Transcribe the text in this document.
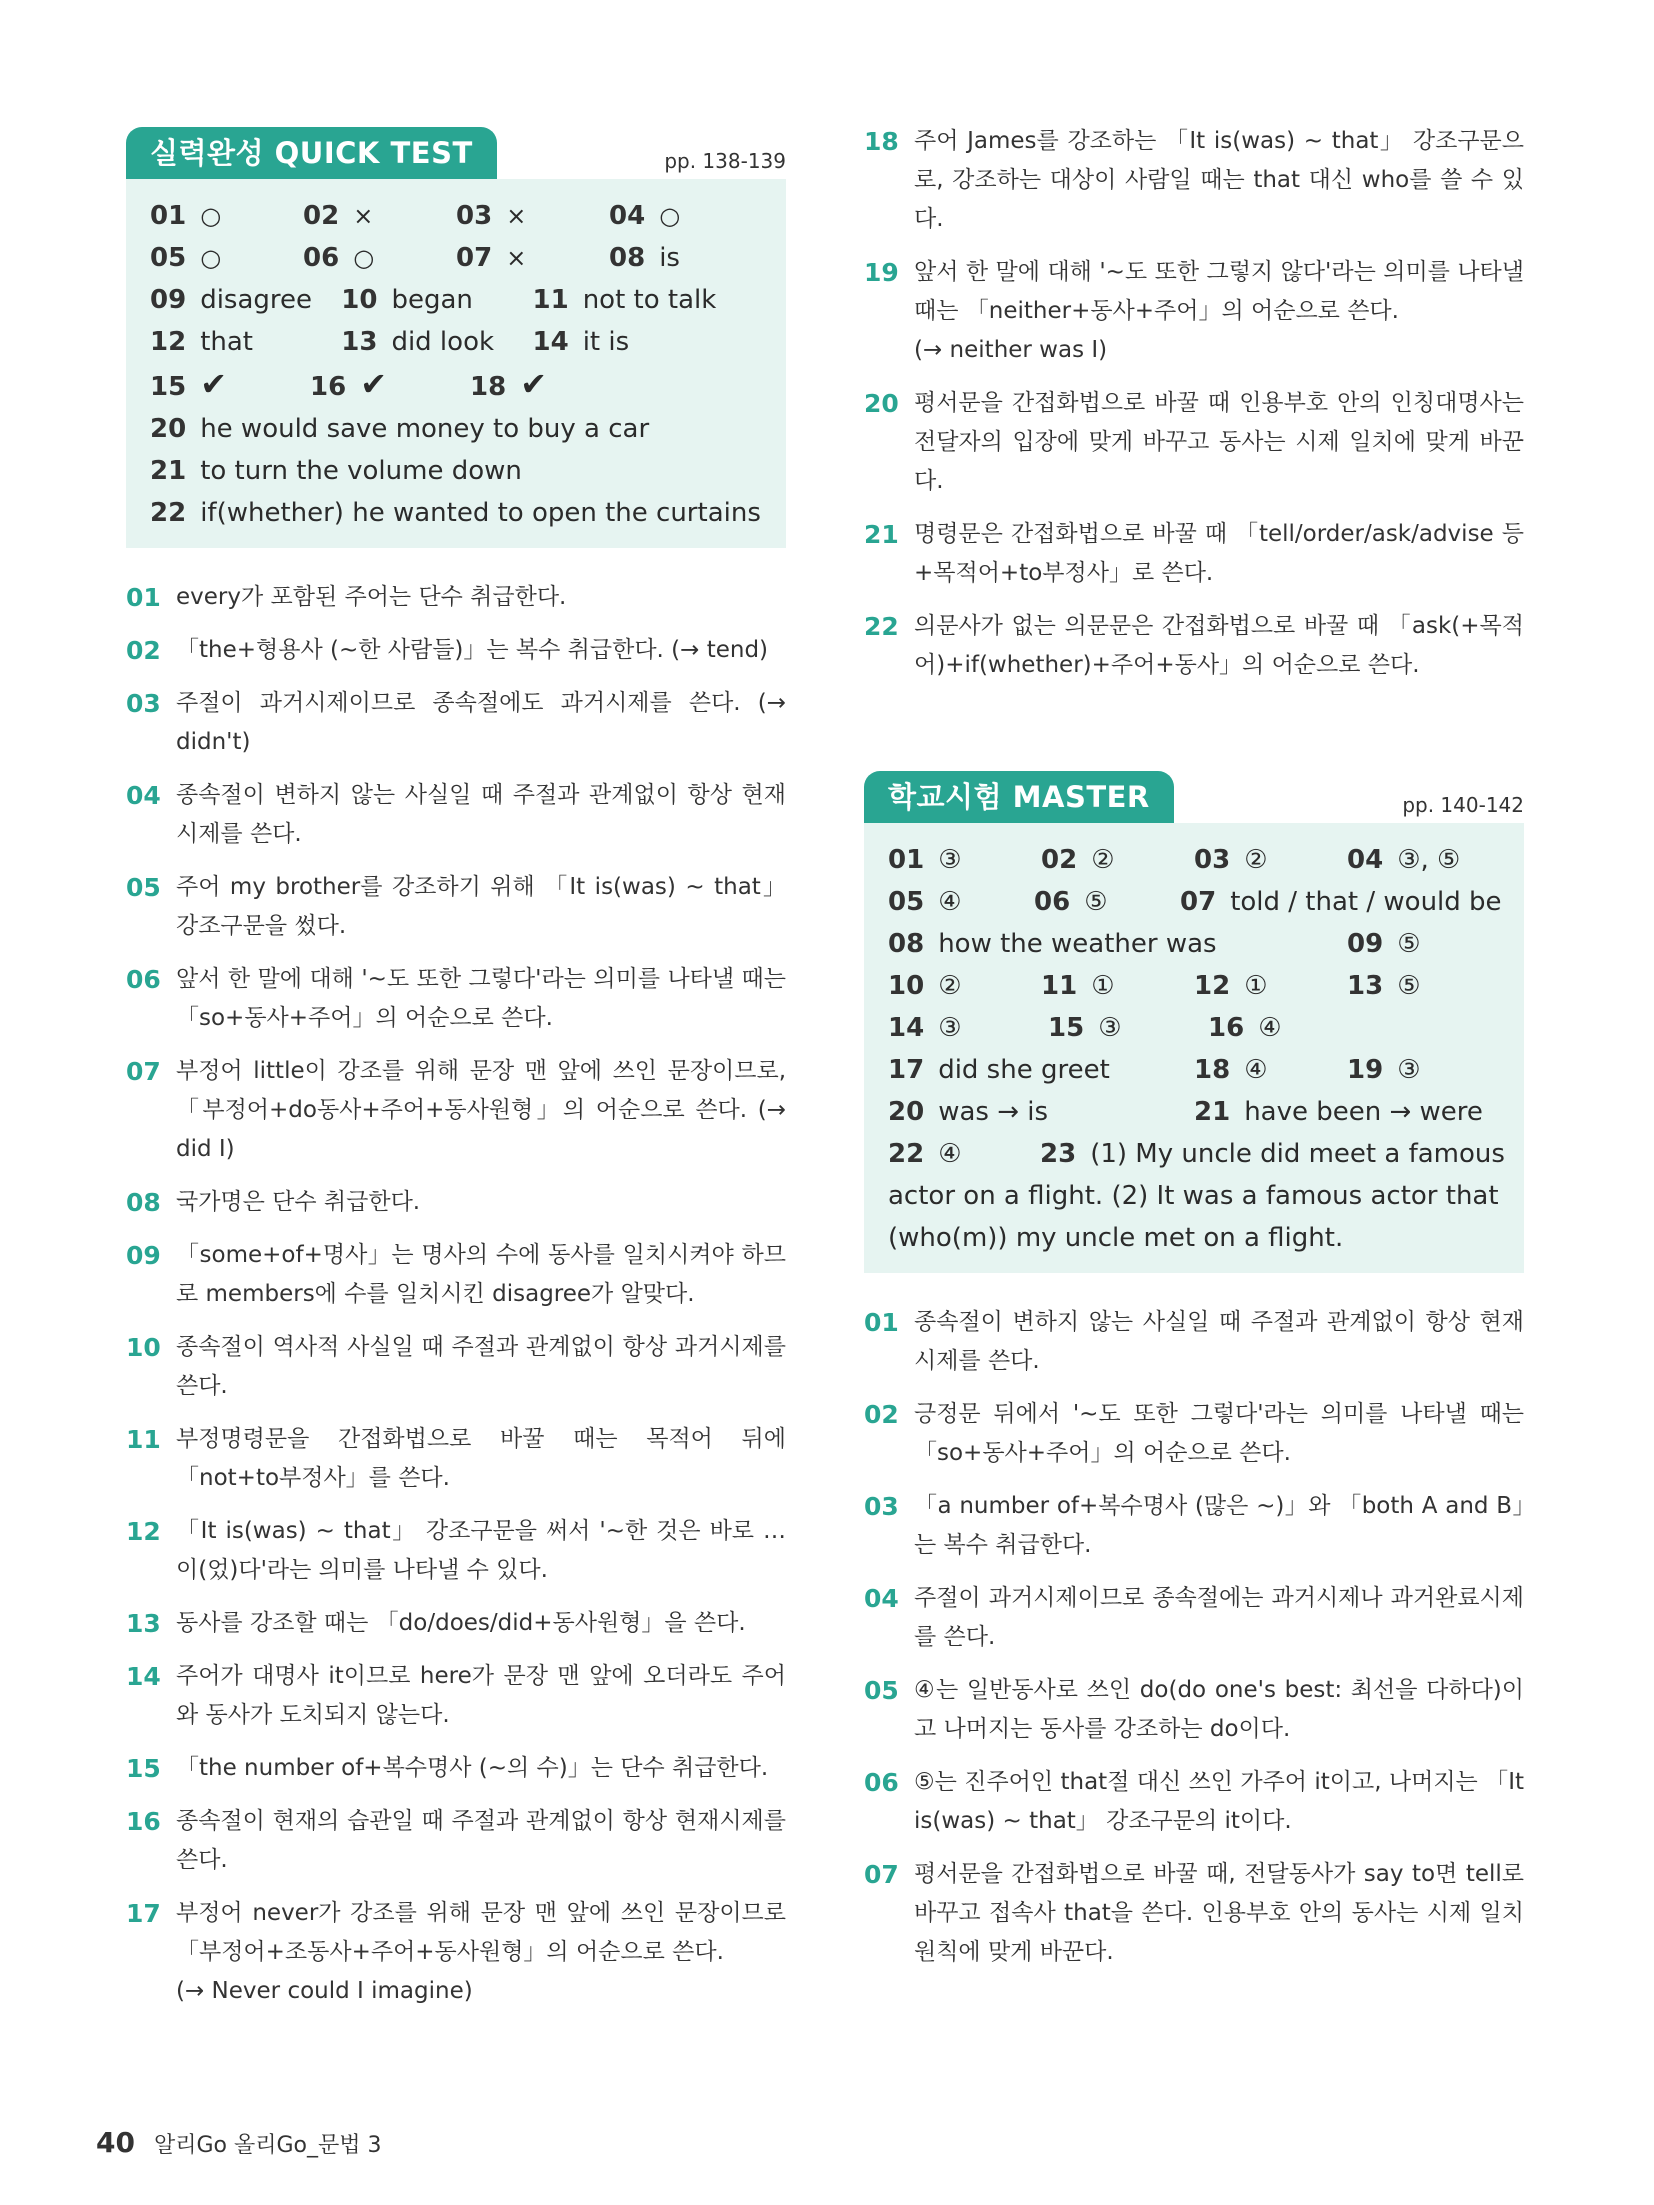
실력완성 QUICK TEST	pp. 138-139
01 ○	02 ×	03 ×	04 ○
05 ○	06 ○	07 ×	08 is
09 disagree	10 began	11 not to talk
12 that	13 did look	14 it is
15 ✔	16 ✔	18 ✔
20 he would save money to buy a car
21 to turn the volume down
22 if(whether) he wanted to open the curtains
01 every가 포함된 주어는 단수 취급한다.
02 「the+형용사 (~한 사람들)」는 복수 취급한다. (→ tend)
03 주절이 과거시제이므로 종속절에도 과거시제를 쓴다. (→ didn't)
04 종속절이 변하지 않는 사실일 때 주절과 관계없이 항상 현재시제를 쓴다.
05 주어 my brother를 강조하기 위해 「It is(was) ~ that」 강조구문을 썼다.
06 앞서 한 말에 대해 '~도 또한 그렇다'라는 의미를 나타낼 때는 「so+동사+주어」의 어순으로 쓴다.
07 부정어 little이 강조를 위해 문장 맨 앞에 쓰인 문장이므로, 「부정어+do동사+주어+동사원형」의 어순으로 쓴다. (→ did I)
08 국가명은 단수 취급한다.
09 「some+of+명사」는 명사의 수에 동사를 일치시켜야 하므로 members에 수를 일치시킨 disagree가 알맞다.
10 종속절이 역사적 사실일 때 주절과 관계없이 항상 과거시제를 쓴다.
11 부정명령문을 간접화법으로 바꿀 때는 목적어 뒤에 「not+to부정사」를 쓴다.
12 「It is(was) ~ that」 강조구문을 써서 '~한 것은 바로 …이(었)다'라는 의미를 나타낼 수 있다.
13 동사를 강조할 때는 「do/does/did+동사원형」을 쓴다.
14 주어가 대명사 it이므로 here가 문장 맨 앞에 오더라도 주어와 동사가 도치되지 않는다.
15 「the number of+복수명사 (~의 수)」는 단수 취급한다.
16 종속절이 현재의 습관일 때 주절과 관계없이 항상 현재시제를 쓴다.
17 부정어 never가 강조를 위해 문장 맨 앞에 쓰인 문장이므로 「부정어+조동사+주어+동사원형」의 어순으로 쓴다.
(→ Never could I imagine)
18 주어 James를 강조하는 「It is(was) ~ that」 강조구문으로, 강조하는 대상이 사람일 때는 that 대신 who를 쓸 수 있다.
19 앞서 한 말에 대해 '~도 또한 그렇지 않다'라는 의미를 나타낼 때는 「neither+동사+주어」의 어순으로 쓴다.
(→ neither was I)
20 평서문을 간접화법으로 바꿀 때 인용부호 안의 인칭대명사는 전달자의 입장에 맞게 바꾸고 동사는 시제 일치에 맞게 바꾼다.
21 명령문은 간접화법으로 바꿀 때 「tell/order/ask/advise 등+목적어+to부정사」로 쓴다.
22 의문사가 없는 의문문은 간접화법으로 바꿀 때 「ask(+목적어)+if(whether)+주어+동사」의 어순으로 쓴다.
학교시험 MASTER	pp. 140-142
01 ③	02 ②	03 ②	04 ③, ⑤
05 ④	06 ⑤	07 told / that / would be
08 how the weather was	09 ⑤
10 ②	11 ①	12 ①	13 ⑤
14 ③	15 ③	16 ④
17 did she greet	18 ④	19 ③
20 was → is	21 have been → were
22 ④	23 (1) My uncle did meet a famous
actor on a flight. (2) It was a famous actor that
(who(m)) my uncle met on a flight.
01 종속절이 변하지 않는 사실일 때 주절과 관계없이 항상 현재시제를 쓴다.
02 긍정문 뒤에서 '~도 또한 그렇다'라는 의미를 나타낼 때는 「so+동사+주어」의 어순으로 쓴다.
03 「a number of+복수명사 (많은 ~)」와 「both A and B」는 복수 취급한다.
04 주절이 과거시제이므로 종속절에는 과거시제나 과거완료시제를 쓴다.
05 ④는 일반동사로 쓰인 do(do one's best: 최선을 다하다)이고 나머지는 동사를 강조하는 do이다.
06 ⑤는 진주어인 that절 대신 쓰인 가주어 it이고, 나머지는 「It is(was) ~ that」 강조구문의 it이다.
07 평서문을 간접화법으로 바꿀 때, 전달동사가 say to면 tell로 바꾸고 접속사 that을 쓴다. 인용부호 안의 동사는 시제 일치 원칙에 맞게 바꾼다.
40 알리Go 올리Go_문법 3
